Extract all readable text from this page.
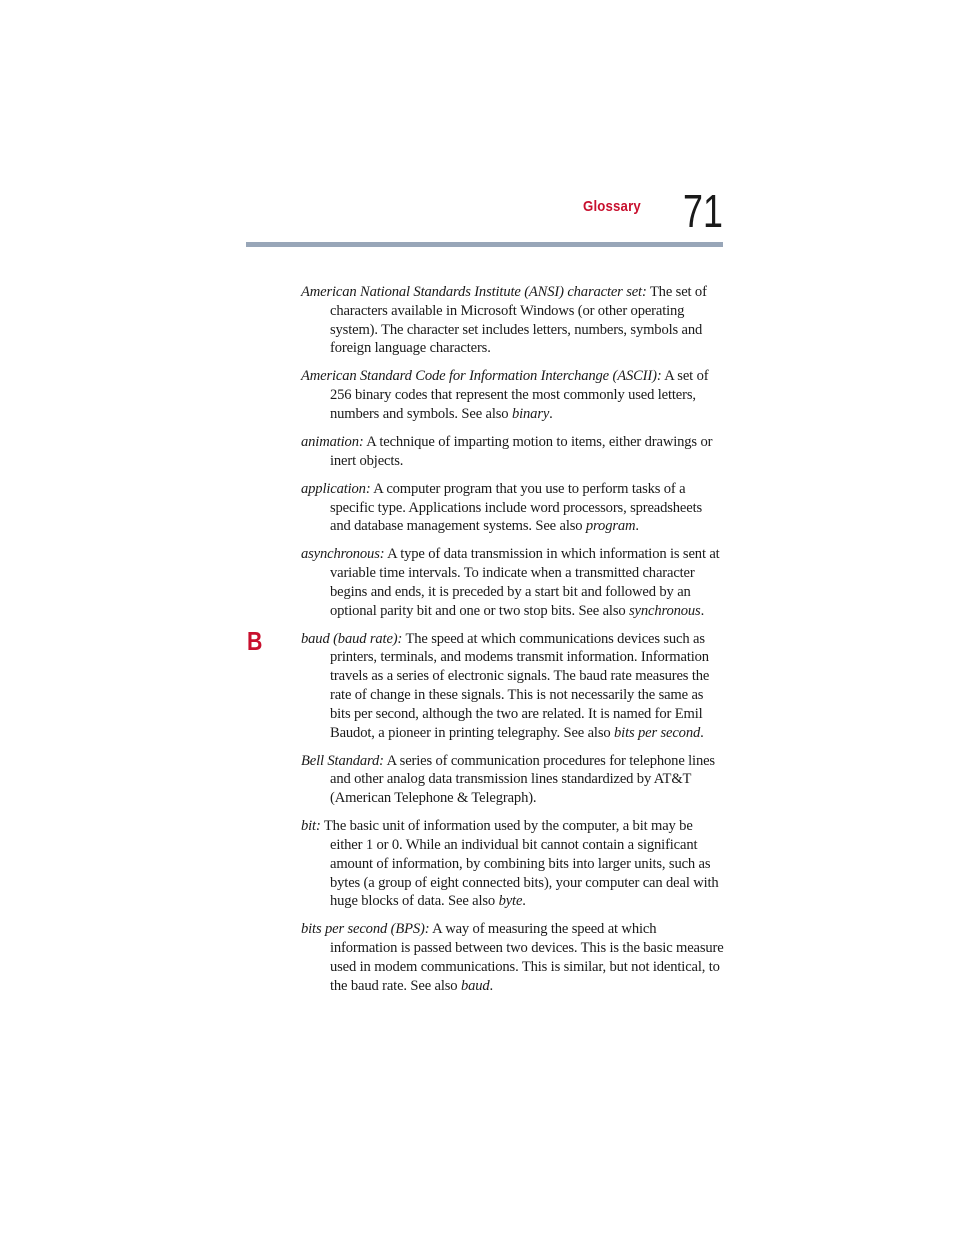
Glossary 71
B

American National Standards Institute (ANSI) character set: The set of characters available in Microsoft Windows (or other operating system). The character set includes letters, numbers, symbols and foreign language characters.

American Standard Code for Information Interchange (ASCII): A set of 256 binary codes that represent the most commonly used letters, numbers and symbols. See also binary.

animation: A technique of imparting motion to items, either drawings or inert objects.

application: A computer program that you use to perform tasks of a specific type. Applications include word processors, spreadsheets and database management systems. See also program.

asynchronous: A type of data transmission in which information is sent at variable time intervals. To indicate when a transmitted character begins and ends, it is preceded by a start bit and followed by an optional parity bit and one or two stop bits. See also synchronous.

baud (baud rate): The speed at which communications devices such as printers, terminals, and modems transmit information. Information travels as a series of electronic signals. The baud rate measures the rate of change in these signals. This is not necessarily the same as bits per second, although the two are related. It is named for Emil Baudot, a pioneer in printing telegraphy. See also bits per second.

Bell Standard: A series of communication procedures for telephone lines and other analog data transmission lines standardized by AT&T (American Telephone & Telegraph).

bit: The basic unit of information used by the computer, a bit may be either 1 or 0. While an individual bit cannot contain a significant amount of information, by combining bits into larger units, such as bytes (a group of eight connected bits), your computer can deal with huge blocks of data. See also byte.

bits per second (BPS): A way of measuring the speed at which information is passed between two devices. This is the basic measure used in modem communications. This is similar, but not identical, to the baud rate. See also baud.
